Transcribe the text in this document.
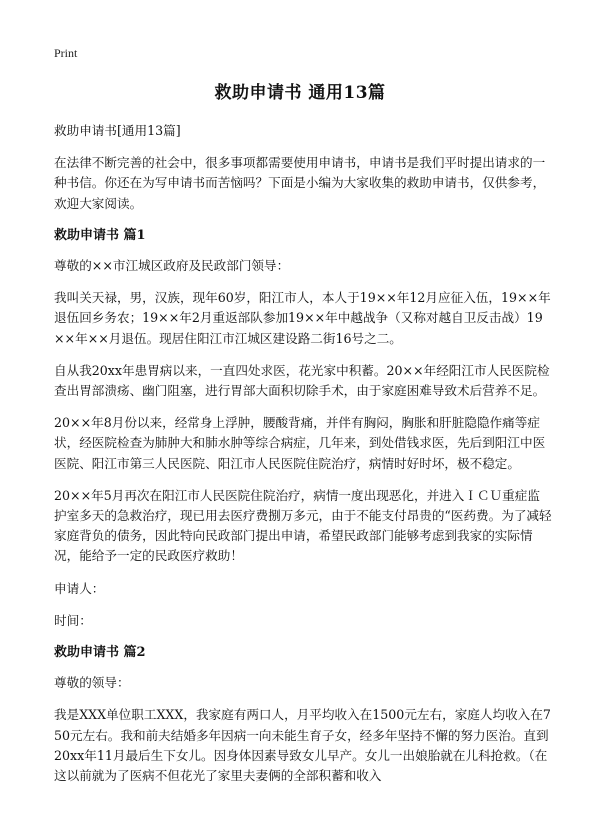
Print
救助申请书 通用13篇

救助申请书[通用13篇]

在法律不断完善的社会中，很多事项都需要使用申请书，申请书是我们平时提出请求的一种书信。你还在为写申请书而苦恼吗？下面是小编为大家收集的救助申请书，仅供参考，欢迎大家阅读。

救助申请书 篇1

尊敬的××市江城区政府及民政部门领导：

我叫关天禄，男，汉族，现年60岁，阳江市人，本人于19××年12月应征入伍，19××年退伍回乡务农；19××年2月重返部队参加19××年中越战争（又称对越自卫反击战）19××年××月退伍。现居住阳江市江城区建设路二街16号之二。

自从我20xx年患胃病以来，一直四处求医，花光家中积蓄。20××年经阳江市人民医院检查出胃部溃疡、幽门阻塞，进行胃部大面积切除手术，由于家庭困难导致术后营养不足。

20××年8月份以来，经常身上浮肿，腰酸背痛，并伴有胸闷，胸胀和肝脏隐隐作痛等症状，经医院检查为肺肿大和肺水肿等综合病症，几年来，到处借钱求医，先后到阳江中医医院、阳江市第三人民医院、阳江市人民医院住院治疗，病情时好时坏，极不稳定。

20××年5月再次在阳江市人民医院住院治疗，病情一度出现恶化，并进入ＩＣＵ重症监护室多天的急救治疗，现已用去医疗费捌万多元，由于不能支付昂贵的“医药费。为了减轻家庭背负的债务，因此特向民政部门提出申请，希望民政部门能够考虑到我家的实际情况，能给予一定的民政医疗救助！

申请人：

时间：

救助申请书 篇2

尊敬的领导：

我是XXX单位职工XXX，我家庭有两口人，月平均收入在1500元左右，家庭人均收入在750元左右。我和前夫结婚多年因病一向未能生育子女，经多年坚持不懈的努力医治。直到20xx年11月最后生下女儿。因身体因素导致女儿早产。女儿一出娘胎就在儿科抢救。（在这以前就为了医病不但花光了家里夫妻俩的全部积蓄和收入
